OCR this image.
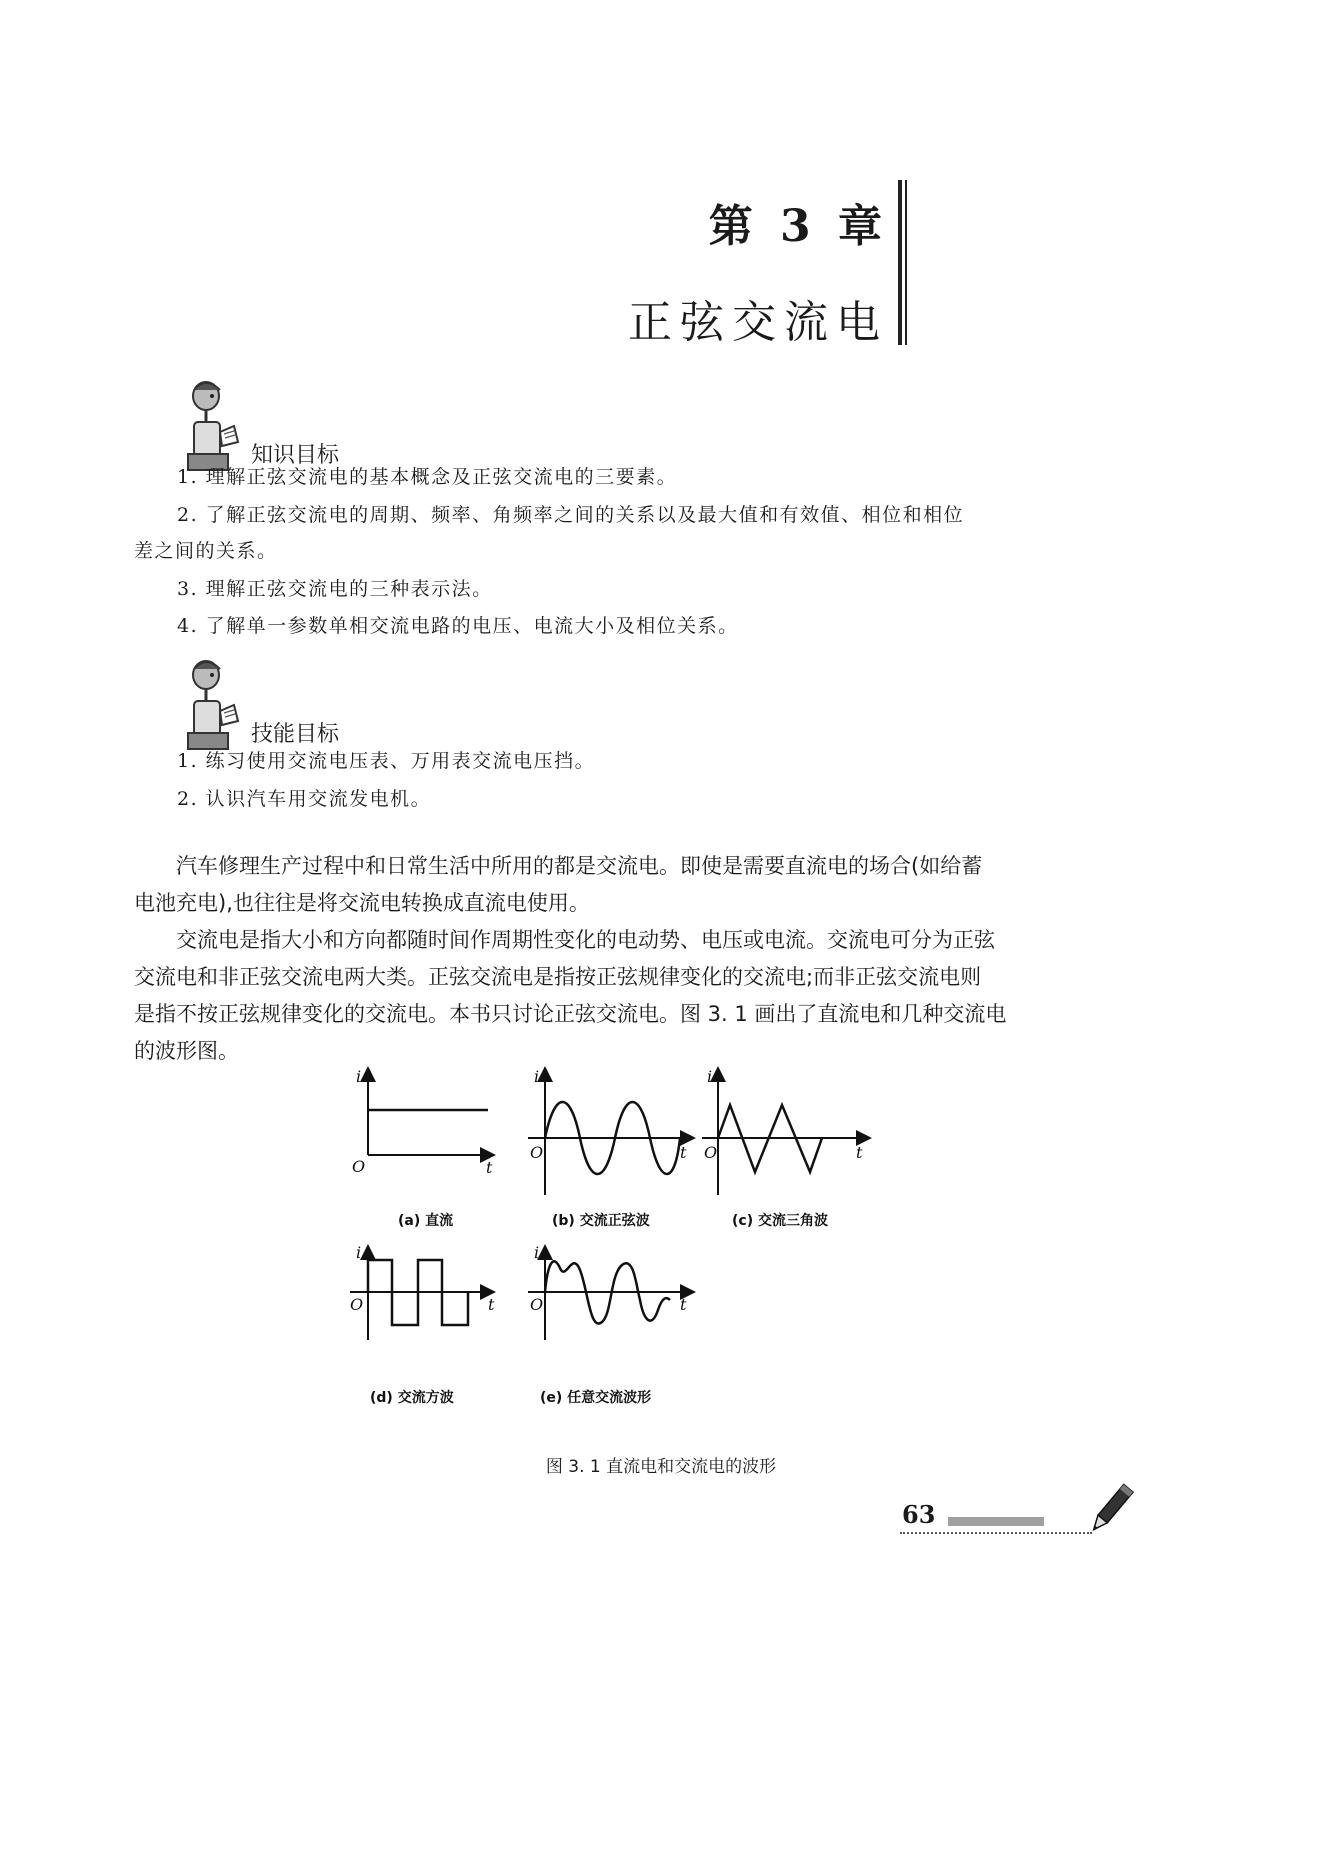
第 3 章
正弦交流电
知识目标
1. 理解正弦交流电的基本概念及正弦交流电的三要素。
2. 了解正弦交流电的周期、频率、角频率之间的关系以及最大值和有效值、相位和相位
差之间的关系。
3. 理解正弦交流电的三种表示法。
4. 了解单一参数单相交流电路的电压、电流大小及相位关系。
技能目标
1. 练习使用交流电压表、万用表交流电压挡。
2. 认识汽车用交流发电机。
汽车修理生产过程中和日常生活中所用的都是交流电。即使是需要直流电的场合(如给蓄
电池充电),也往往是将交流电转换成直流电使用。
交流电是指大小和方向都随时间作周期性变化的电动势、电压或电流。交流电可分为正弦
交流电和非正弦交流电两大类。正弦交流电是指按正弦规律变化的交流电;而非正弦交流电则
是指不按正弦规律变化的交流电。本书只讨论正弦交流电。图 3. 1 画出了直流电和几种交流电
的波形图。
i
O	t
i
O	t
i
O	t
i
O	t
i
O	t
(a) 直流	(b) 交流正弦波	(c) 交流三角波
(d) 交流方波	(e) 任意交流波形
图 3. 1 直流电和交流电的波形
63
